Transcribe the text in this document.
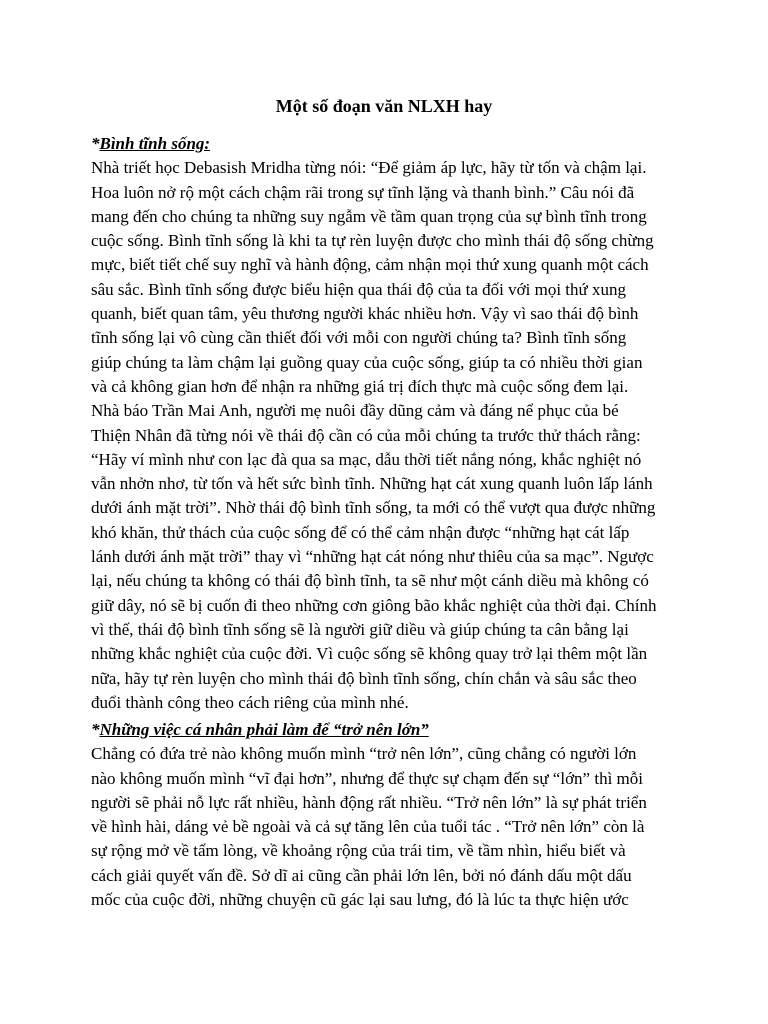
Một số đoạn văn NLXH hay

*Bình tĩnh sống:

Nhà triết học Debasish Mridha từng nói: “Để giảm áp lực, hãy từ tốn và chậm lại.
Hoa luôn nở rộ một cách chậm rãi trong sự tĩnh lặng và thanh bình.” Câu nói đã
mang đến cho chúng ta những suy ngẫm về tầm quan trọng của sự bình tĩnh trong
cuộc sống. Bình tĩnh sống là khi ta tự rèn luyện được cho mình thái độ sống chừng
mực, biết tiết chế suy nghĩ và hành động, cảm nhận mọi thứ xung quanh một cách
sâu sắc. Bình tĩnh sống được biểu hiện qua thái độ của ta đối với mọi thứ xung
quanh, biết quan tâm, yêu thương người khác nhiều hơn. Vậy vì sao thái độ bình
tĩnh sống lại vô cùng cần thiết đối với mỗi con người chúng ta? Bình tĩnh sống
giúp chúng ta làm chậm lại guồng quay của cuộc sống, giúp ta có nhiều thời gian
và cả không gian hơn để nhận ra những giá trị đích thực mà cuộc sống đem lại.
Nhà báo Trần Mai Anh, người mẹ nuôi đầy dũng cảm và đáng nể phục của bé
Thiện Nhân đã từng nói về thái độ cần có của mỗi chúng ta trước thử thách rằng:
“Hãy ví mình như con lạc đà qua sa mạc, dẫu thời tiết nắng nóng, khắc nghiệt nó
vẫn nhởn nhơ, từ tốn và hết sức bình tĩnh. Những hạt cát xung quanh luôn lấp lánh
dưới ánh mặt trời”. Nhờ thái độ bình tĩnh sống, ta mới có thể vượt qua được những
khó khăn, thử thách của cuộc sống để có thể cảm nhận được “những hạt cát lấp
lánh dưới ánh mặt trời” thay vì “những hạt cát nóng như thiêu của sa mạc”. Ngược
lại, nếu chúng ta không có thái độ bình tĩnh, ta sẽ như một cánh diều mà không có
giữ dây, nó sẽ bị cuốn đi theo những cơn giông bão khắc nghiệt của thời đại. Chính
vì thế, thái độ bình tĩnh sống sẽ là người giữ diều và giúp chúng ta cân bằng lại
những khắc nghiệt của cuộc đời. Vì cuộc sống sẽ không quay trở lại thêm một lần
nữa, hãy tự rèn luyện cho mình thái độ bình tĩnh sống, chín chắn và sâu sắc theo
đuổi thành công theo cách riêng của mình nhé.

*Những việc cá nhân phải làm để “trở nên lớn”

Chẳng có đứa trẻ nào không muốn mình “trở nên lớn”, cũng chẳng có người lớn
nào không muốn mình “vĩ đại hơn”, nhưng để thực sự chạm đến sự “lớn” thì mỗi
người sẽ phải nỗ lực rất nhiều, hành động rất nhiều. “Trở nên lớn” là sự phát triển
về hình hài, dáng vẻ bề ngoài và cả sự tăng lên của tuổi tác . “Trở nên lớn” còn là
sự rộng mở về tấm lòng, về khoảng rộng của trái tim, về tầm nhìn, hiểu biết và
cách giải quyết vấn đề. Sở dĩ ai cũng cần phải lớn lên, bởi nó đánh dấu một dấu
mốc của cuộc đời, những chuyện cũ gác lại sau lưng, đó là lúc ta thực hiện ước
